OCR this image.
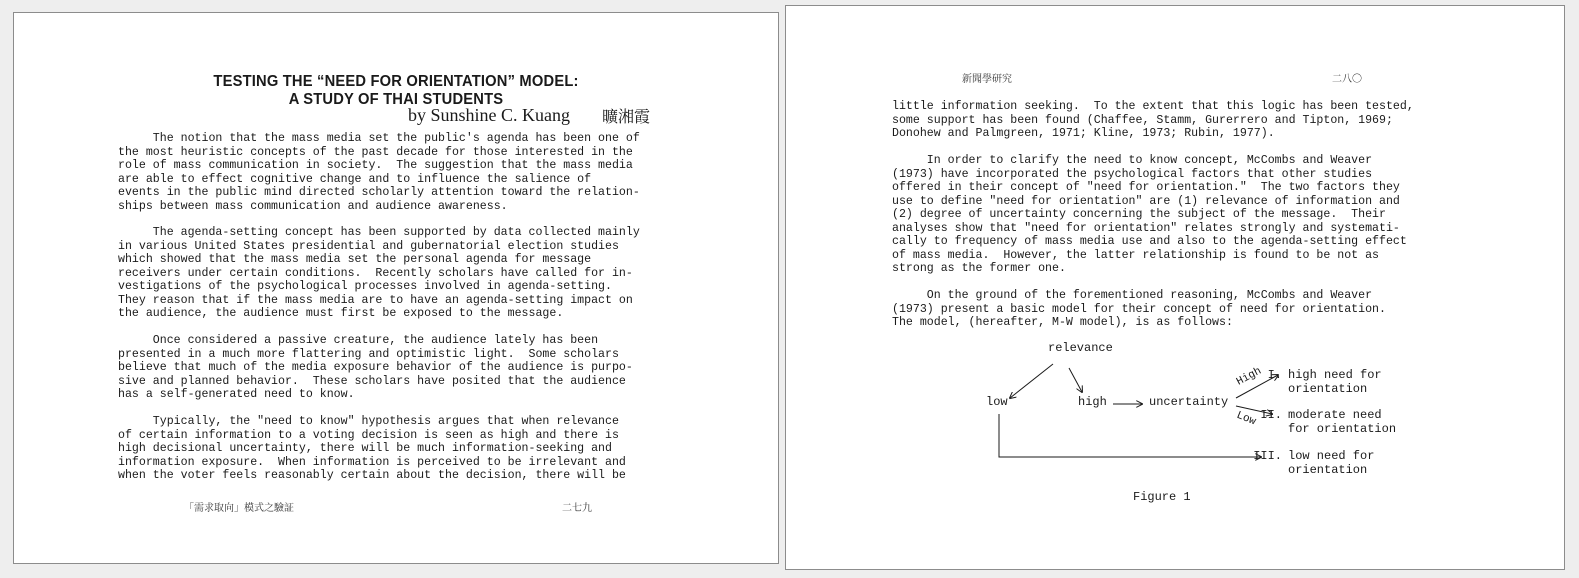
TESTING THE “NEED FOR ORIENTATION” MODEL:
A STUDY OF THAI STUDENTS
by Sunshine C. Kuang 曠湘霞

The notion that the mass media set the public's agenda has been one of
the most heuristic concepts of the past decade for those interested in the
role of mass communication in society.  The suggestion that the mass media
are able to effect cognitive change and to influence the salience of
events in the public mind directed scholarly attention toward the relation-
ships between mass communication and audience awareness.

The agenda-setting concept has been supported by data collected mainly
in various United States presidential and gubernatorial election studies
which showed that the mass media set the personal agenda for message
receivers under certain conditions.  Recently scholars have called for in-
vestigations of the psychological processes involved in agenda-setting.
They reason that if the mass media are to have an agenda-setting impact on
the audience, the audience must first be exposed to the message.

Once considered a passive creature, the audience lately has been
presented in a much more flattering and optimistic light.  Some scholars
believe that much of the media exposure behavior of the audience is purpo-
sive and planned behavior.  These scholars have posited that the audience
has a self-generated need to know.

Typically, the "need to know" hypothesis argues that when relevance
of certain information to a voting decision is seen as high and there is
high decisional uncertainty, there will be much information-seeking and
information exposure.  When information is perceived to be irrelevant and
when the voter feels reasonably certain about the decision, there will be

「需求取向」模式之驗証	二七九
新聞學研究	二八〇

little information seeking.  To the extent that this logic has been tested,
some support has been found (Chaffee, Stamm, Gurerrero and Tipton, 1969;
Donohew and Palmgreen, 1971; Kline, 1973; Rubin, 1977).

In order to clarify the need to know concept, McCombs and Weaver
(1973) have incorporated the psychological factors that other studies
offered in their concept of "need for orientation."  The two factors they
use to define "need for orientation" are (1) relevance of information and
(2) degree of uncertainty concerning the subject of the message.  Their
analyses show that "need for orientation" relates strongly and systemati-
cally to frequency of mass media use and also to the agenda-setting effect
of mass media.  However, the latter relationship is found to be not as
strong as the former one.

On the ground of the forementioned reasoning, McCombs and Weaver
(1973) present a basic model for their concept of need for orientation.
The model, (hereafter, M-W model), is as follows:

relevance
low	high	uncertainty
High
Low
I. high need for
orientation
II. moderate need
for orientation
III. low need for
orientation
Figure 1
